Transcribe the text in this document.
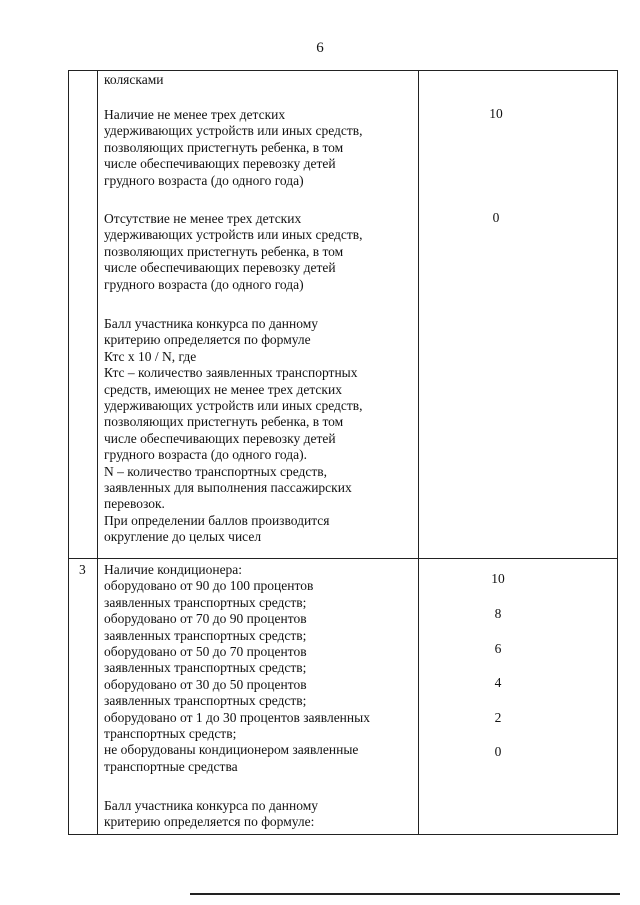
6
колясками
Наличие не менее трех детских
удерживающих устройств или иных средств,
позволяющих пристегнуть ребенка, в том
числе обеспечивающих перевозку детей
грудного возраста (до одного года)
10
Отсутствие не менее трех детских
удерживающих устройств или иных средств,
позволяющих пристегнуть ребенка, в том
числе обеспечивающих перевозку детей
грудного возраста (до одного года)
0
Балл участника конкурса по данному
критерию определяется по формуле
Ктс х 10 / N, где
Ктс – количество заявленных транспортных
средств, имеющих не менее трех детских
удерживающих устройств или иных средств,
позволяющих пристегнуть ребенка, в том
числе обеспечивающих перевозку детей
грудного возраста (до одного года).
N – количество транспортных средств,
заявленных для выполнения пассажирских
перевозок.
При определении баллов производится
округление до целых чисел
3 Наличие кондиционера:
оборудовано от 90 до 100 процентов
заявленных транспортных средств;
оборудовано от 70 до 90 процентов
заявленных транспортных средств;
оборудовано от 50 до 70 процентов
заявленных транспортных средств;
оборудовано от 30 до 50 процентов
заявленных транспортных средств;
оборудовано от 1 до 30 процентов заявленных
транспортных средств;
не оборудованы кондиционером заявленные
транспортные средства
10
8
6
4
2
0
Балл участника конкурса по данному
критерию определяется по формуле:
